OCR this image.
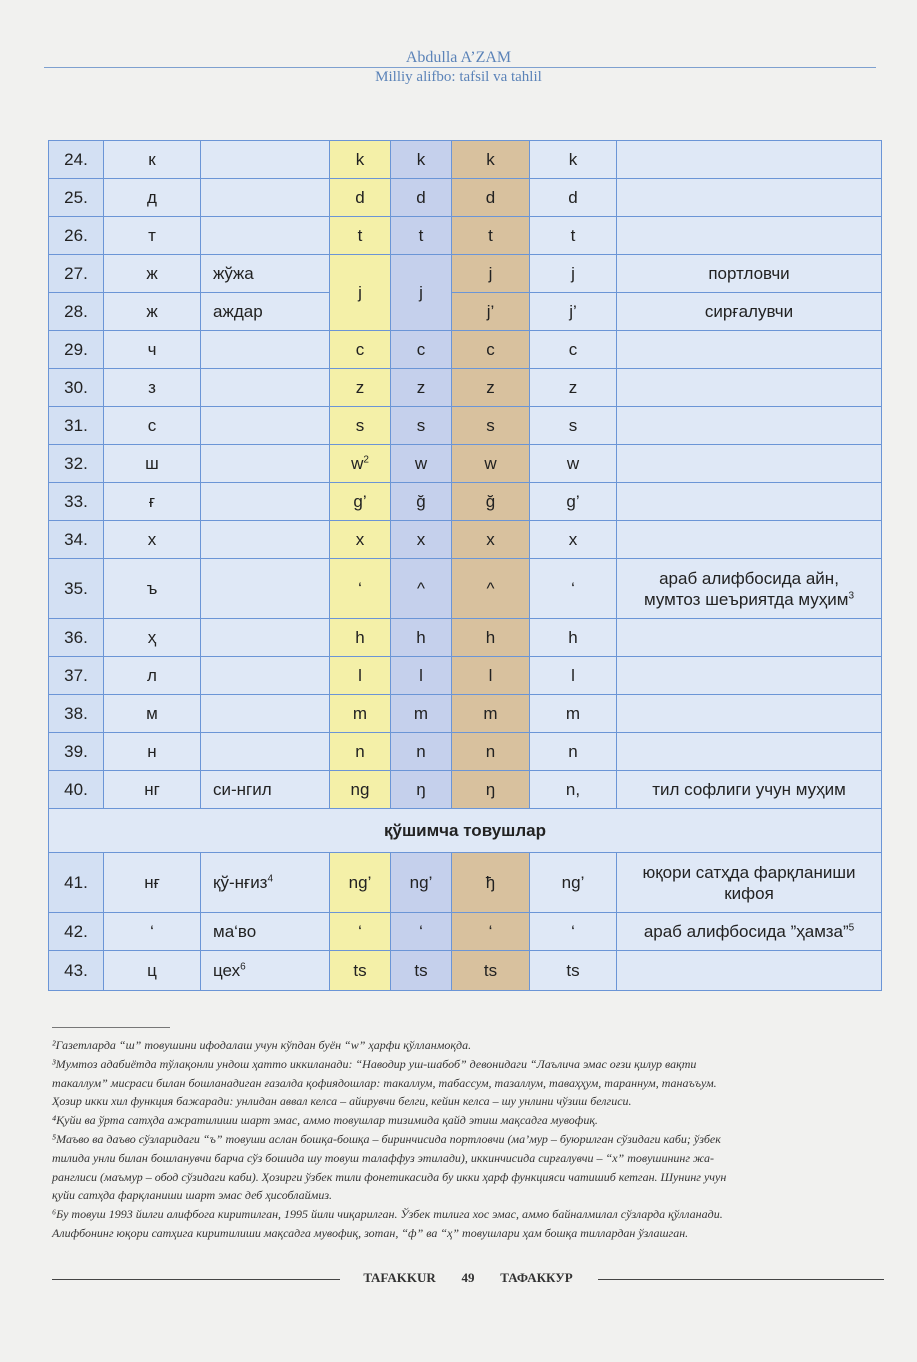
Abdulla A’ZAM
Milliy alifbo: tafsil va tahlil
24.	к		k	k	k	k	
25.	д		d	d	d	d	
26.	т		t	t	t	t	
27.	ж	жўжа	j	j	j	j	портловчи
28.	ж	аждар			j’	j’	сирғалувчи
29.	ч		c	c	c	c	
30.	з		z	z	z	z	
31.	с		s	s	s	s	
32.	ш		$w^2$	w	w	w	
33.	ғ		g’	ğ	ğ	g’	
34.	х		x	x	x	x	
35.	ъ		‘	^	^	‘	араб алифбосида айн,
мумтоз шеъриятда муҳим$^3$
36.	ҳ		h	h	h	h	
37.	л		l	l	l	l	
38.	м		m	m	m	m	
39.	н		n	n	n	n	
40.	нг	си-нгил	ng	ŋ	ŋ	n,	тил софлиги учун муҳим
қўшимча товушлар							
41.	нғ	қў-нғиз$^4$	ng’	ng’	ђ	ng’	юқори сатҳда фарқланиши
кифоя
42.	‘	ма‘во	‘	‘	‘	‘	араб алифбосида ”ҳамза”$^5$
43.	ц	цех$^6$	ts	ts	ts	ts	

²Газетларда “ш” товушини ифодалаш учун кўпдан буён “w” ҳарфи қўлланмоқда.

³Мумтоз адабиётда тўлақонли ундош ҳатто иккиланади: “Наводир уш-шабоб” девонидаги “Лаълича эмас оғзи қилур вақти

такаллум” мисраси билан бошланадиган ғазалда қофиядошлар: такаллум, табассум, тазаллум, таваҳҳум, тараннум, танаъъум.

Ҳозир икки хил функция бажаради: унлидан аввал келса – айирувчи белги, кейин келса – шу унлини чўзиш белгиси.

⁴Қуйи ва ўрта сатҳда ажратилиши шарт эмас, аммо товушлар тизимида қайд этиш мақсадга мувофиқ.

⁵Маъво ва даъво сўзларидаги “ъ” товуши аслан бошқа-бошқа – биринчисида портловчи (ма’мур – буюрилган сўзидаги каби; ўзбек

тилида унли билан бошланувчи барча сўз бошида шу товуш талаффуз этилади), иккинчисида сирғалувчи – “х” товушининг жа-

ранглиси (маъмур – обод сўзидаги каби). Ҳозирги ўзбек тили фонетикасида бу икки ҳарф функцияси чатишиб кетган. Шунинг учун

қуйи сатҳда фарқланиши шарт эмас деб ҳисоблаймиз.

⁶Бу товуш 1993 йилги алифбога киритилган, 1995 йили чиқарилган. Ўзбек тилига хос эмас, аммо байналмилал сўзларда қўлланади.

Алифбонинг юқори сатҳига киритилиши мақсадга мувофиқ, зотан, “ф” ва “ҳ” товушлари ҳам бошқа тиллардан ўзлашган.

TAFAKKUR 49 ТАФАККУР
